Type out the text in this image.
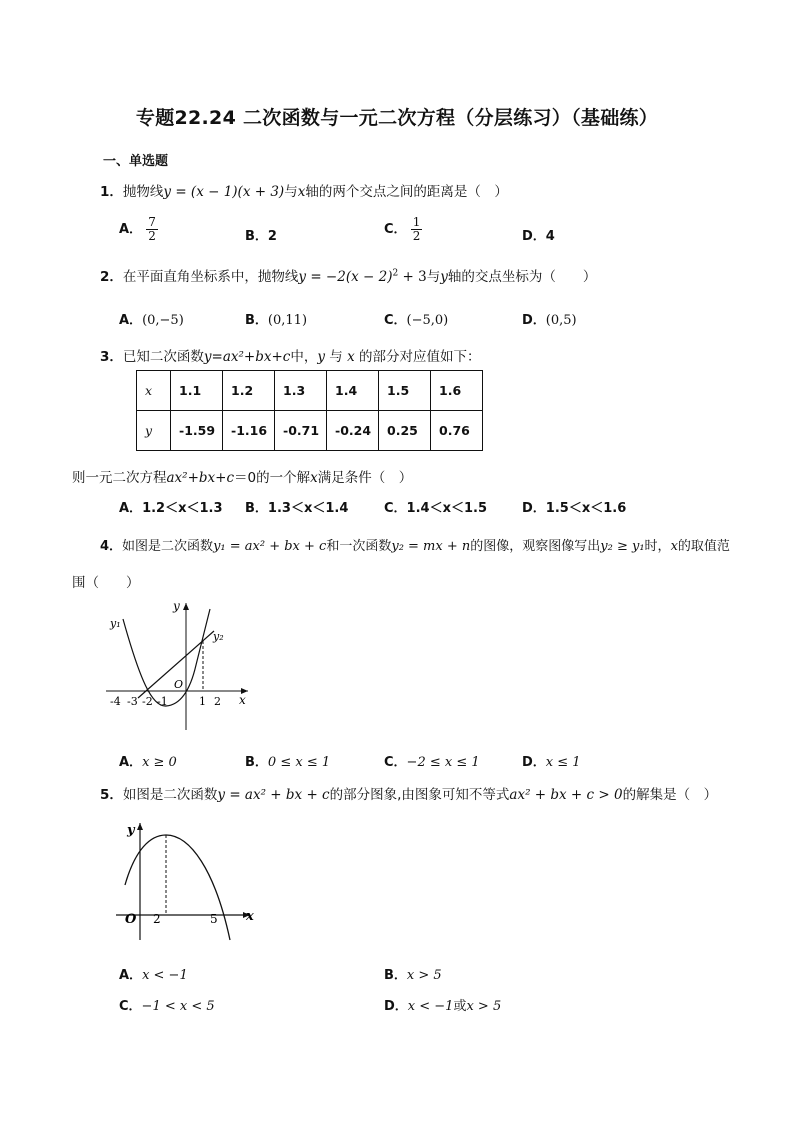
专题22.24 二次函数与一元二次方程（分层练习）（基础练）
一、单选题
1．抛物线y = (x − 1)(x + 3)与x轴的两个交点之间的距离是（　）
A． $\frac{7}{2}$	B．2	C． $\frac{1}{2}$	D．4
2．在平面直角坐标系中，抛物线$y = -2(x - 2)^2 + 3$与y轴的交点坐标为（　　）
A．(0,−5)	B．(0,11)	C．(−5,0)	D．(0,5)
3．已知二次函数y=ax²+bx+c中，y 与 x 的部分对应值如下：
x	1.1	1.2	1.3	1.4	1.5	1.6
y	-1.59	-1.16	-0.71	-0.24	0.25	0.76
则一元二次方程ax²+bx+c＝0的一个解x满足条件（　）
A．1.2＜x＜1.3 B．1.3＜x＜1.4	C．1.4＜x＜1.5	D．1.5＜x＜1.6
4．如图是二次函数y₁ = ax² + bx + c和一次函数y₂ = mx + n的图像，观察图像写出y₂ ≥ y₁时，x的取值范
围（　　）
y₁
y₂
y
x
O
-4 -3 -2 -1	1 2
A．x ≥ 0	B．0 ≤ x ≤ 1	C．−2 ≤ x ≤ 1	D．x ≤ 1
5．如图是二次函数y = ax² + bx + c的部分图象,由图象可知不等式ax² + bx + c > 0的解集是（　）
y
x
O 2	5
A．x < −1	B．x > 5
C．−1 < x < 5	D．x < −1或x > 5
